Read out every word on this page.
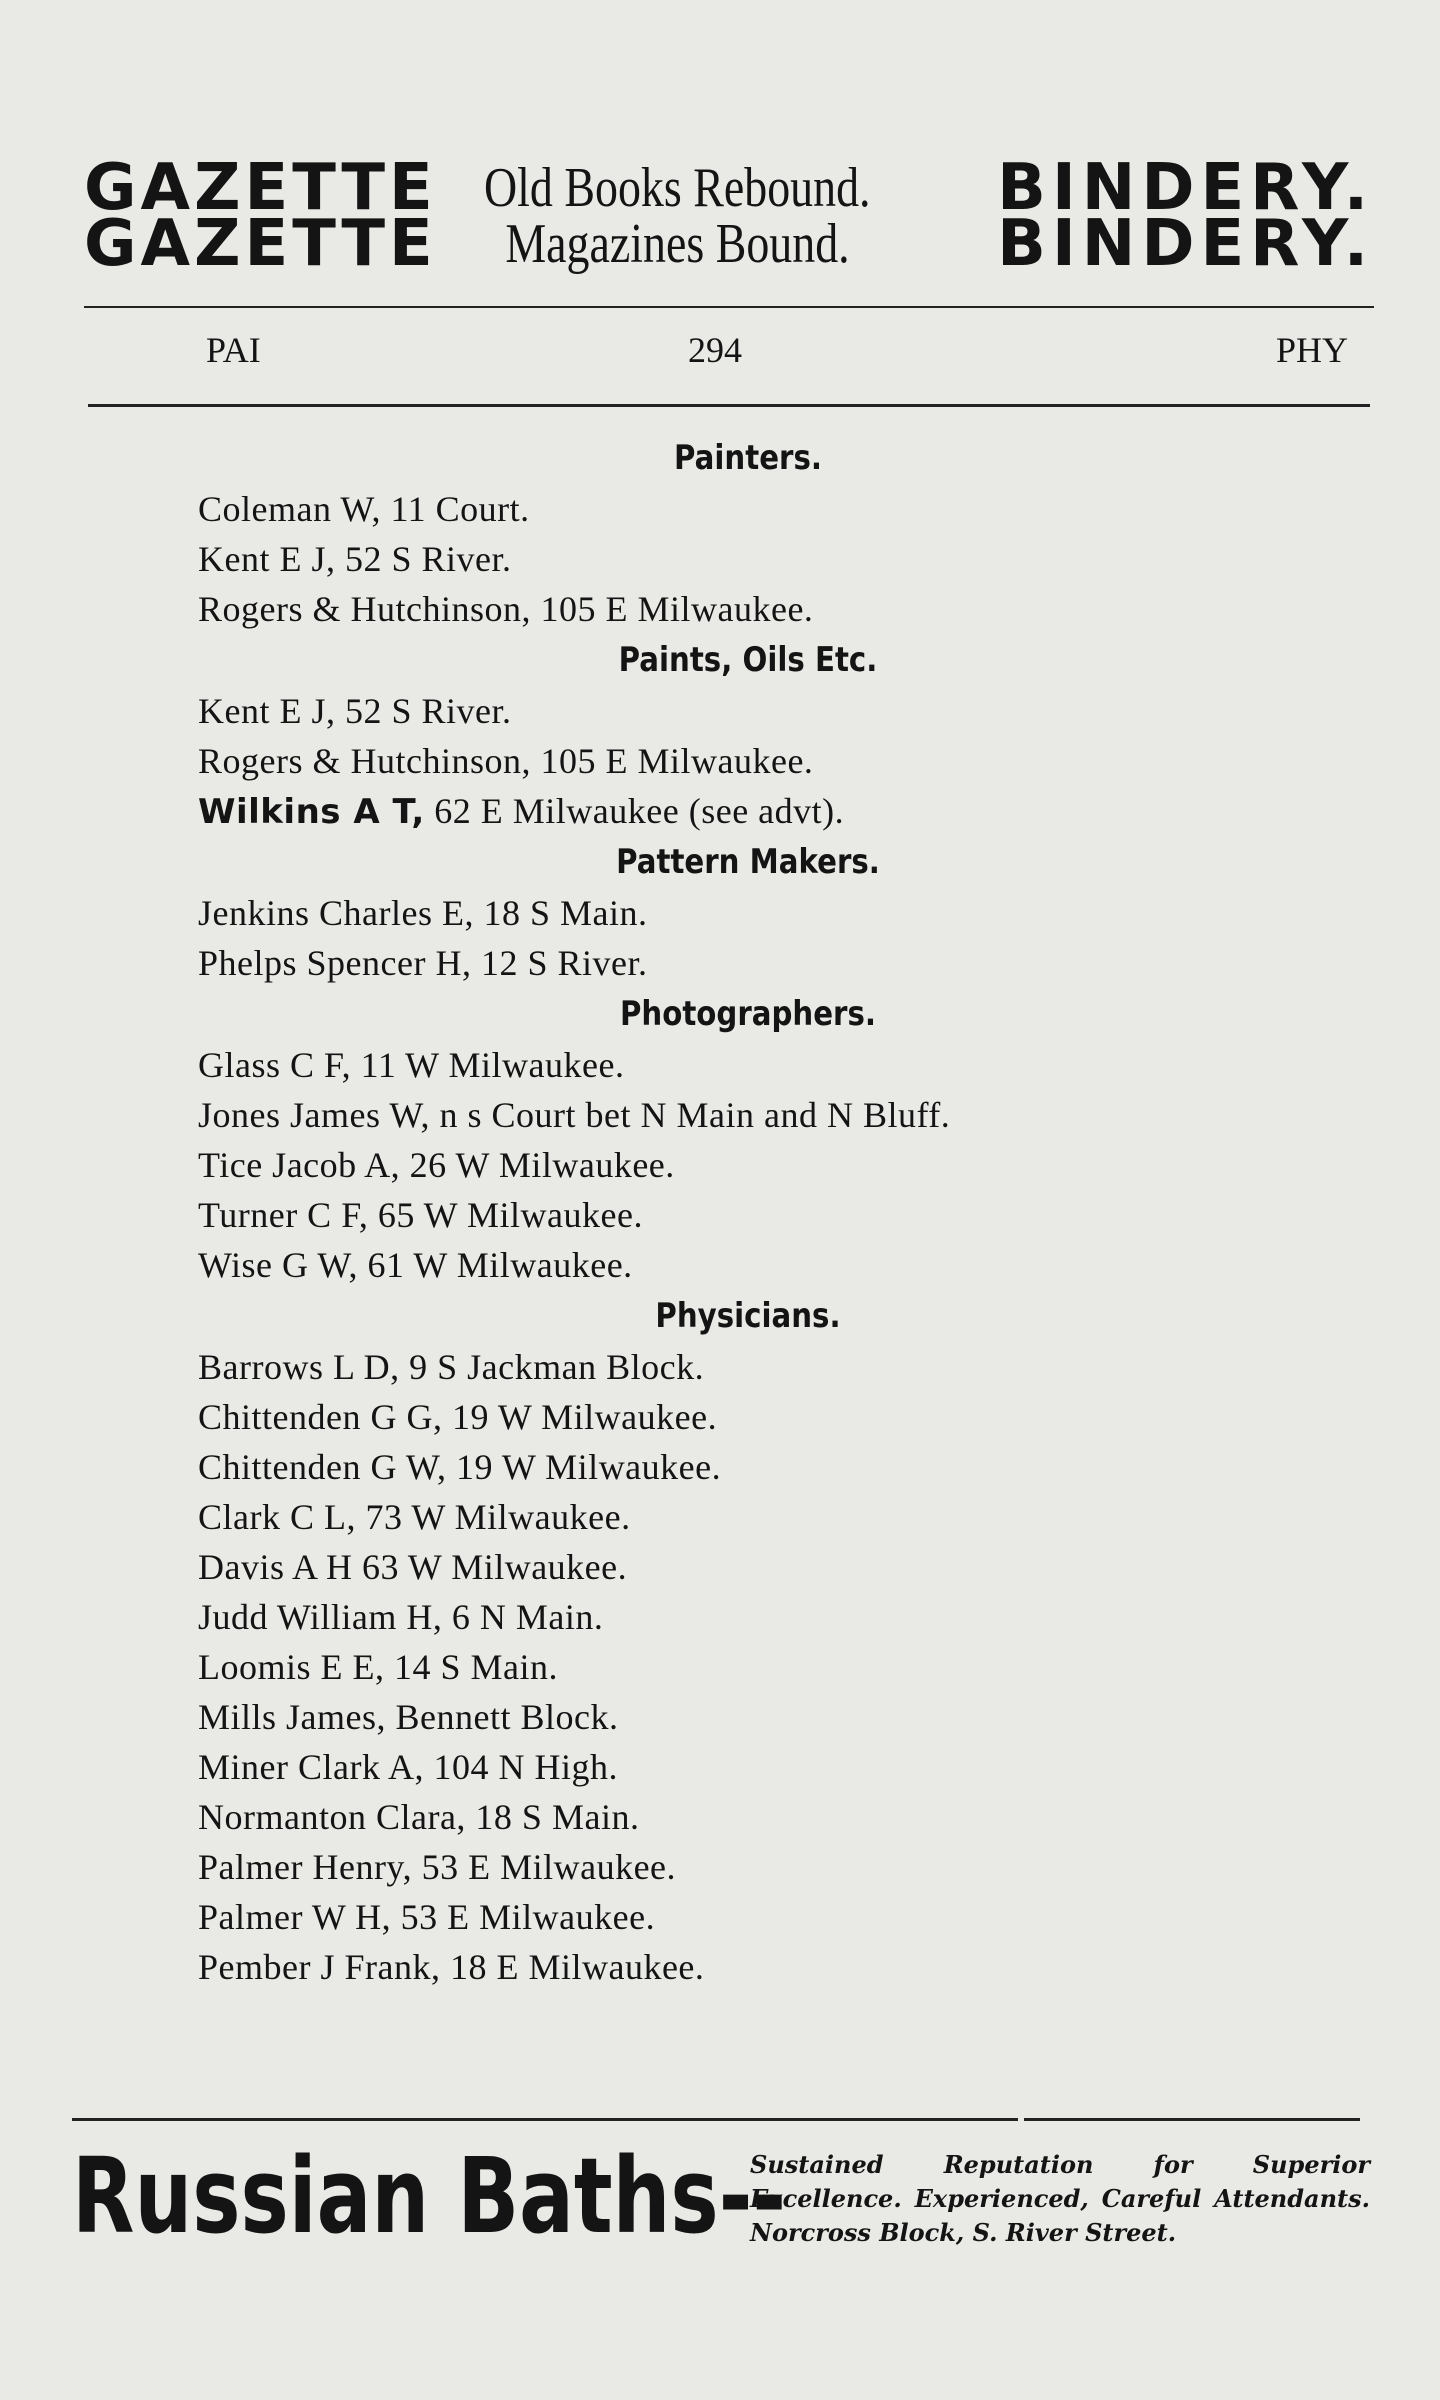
GAZETTE
GAZETTE
Old Books Rebound.
Magazines Bound.
BINDERY.
BINDERY.
PAI	294	PHY
Painters.
Coleman W, 11 Court.
Kent E J, 52 S River.
Rogers & Hutchinson, 105 E Milwaukee.
Paints, Oils Etc.
Kent E J, 52 S River.
Rogers & Hutchinson, 105 E Milwaukee.
Wilkins A T, 62 E Milwaukee (see advt).
Pattern Makers.
Jenkins Charles E, 18 S Main.
Phelps Spencer H, 12 S River.
Photographers.
Glass C F, 11 W Milwaukee.
Jones James W, n s Court bet N Main and N Bluff.
Tice Jacob A, 26 W Milwaukee.
Turner C F, 65 W Milwaukee.
Wise G W, 61 W Milwaukee.
Physicians.
Barrows L D, 9 S Jackman Block.
Chittenden G G, 19 W Milwaukee.
Chittenden G W, 19 W Milwaukee.
Clark C L, 73 W Milwaukee.
Davis A H 63 W Milwaukee.
Judd William H, 6 N Main.
Loomis E E, 14 S Main.
Mills James, Bennett Block.
Miner Clark A, 104 N High.
Normanton Clara, 18 S Main.
Palmer Henry, 53 E Milwaukee.
Palmer W H, 53 E Milwaukee.
Pember J Frank, 18 E Milwaukee.
Russian Baths--
Sustained Reputation for Superior Excellence. Experienced, Careful Attendants. Norcross Block, S. River Street.
